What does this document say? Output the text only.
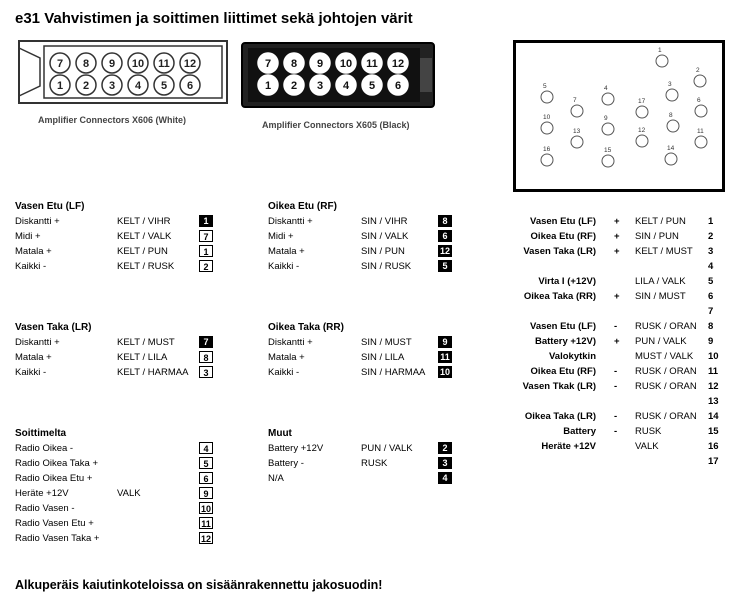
e31 Vahvistimen ja soittimen liittimet sekä johtojen värit
7 8 9 10 11 12
1 2 3 4 5 6
Amplifier Connectors X606 (White)
7 8 9 10 11 12
1 2 3 4 5 6
Amplifier Connectors X605 (Black)
1
2
3
4
5
6
7
8
9
10
11
12
13
14
15
16
17
Vasen Etu (LF)
Diskantti +	KELT / VIHR	1
Midi +	KELT / VALK	7
Matala +	KELT / PUN	1
Kaikki -	KELT / RUSK	2
Oikea Etu (RF)
Diskantti +	SIN / VIHR	8
Midi +	SIN / VALK	6
Matala +	SIN / PUN	12
Kaikki -	SIN / RUSK	5
Vasen Taka (LR)
Diskantti +	KELT / MUST	7
Matala +	KELT / LILA	8
Kaikki -	KELT / HARMAA	3
Oikea Taka (RR)
Diskantti +	SIN / MUST	9
Matala +	SIN / LILA	11
Kaikki -	SIN / HARMAA 10
Soittimelta
Radio Oikea -	4
Radio Oikea Taka +	5
Radio Oikea Etu +	6
Heräte +12V	VALK	9
Radio Vasen -	10
Radio Vasen Etu +	11
Radio Vasen Taka +	12
Muut
Battery +12V	PUN / VALK	2
Battery -	RUSK	3
N/A	4
Vasen Etu (LF) + KELT / PUN 1
Oikea Etu (RF) + SIN / PUN	2
Vasen Taka (LR) + KELT / MUST 3
4
Virta I (+12V)	LILA / VALK 5
Oikea Taka (RR) + SIN / MUST 6
7
Vasen Etu (LF) - RUSK / ORAN 8
Battery +12V) + PUN / VALK 9
Valokytkin	MUST / VALK 10
Oikea Etu (RF) - RUSK / ORAN 11
Vasen Tkak (LR) - RUSK / ORAN 12
13
Oikea Taka (LR) - RUSK / ORAN 14
Battery - RUSK	15
Heräte +12V	VALK	16
17
Alkuperäis kaiutinkoteloissa on sisäänrakennettu jakosuodin!
